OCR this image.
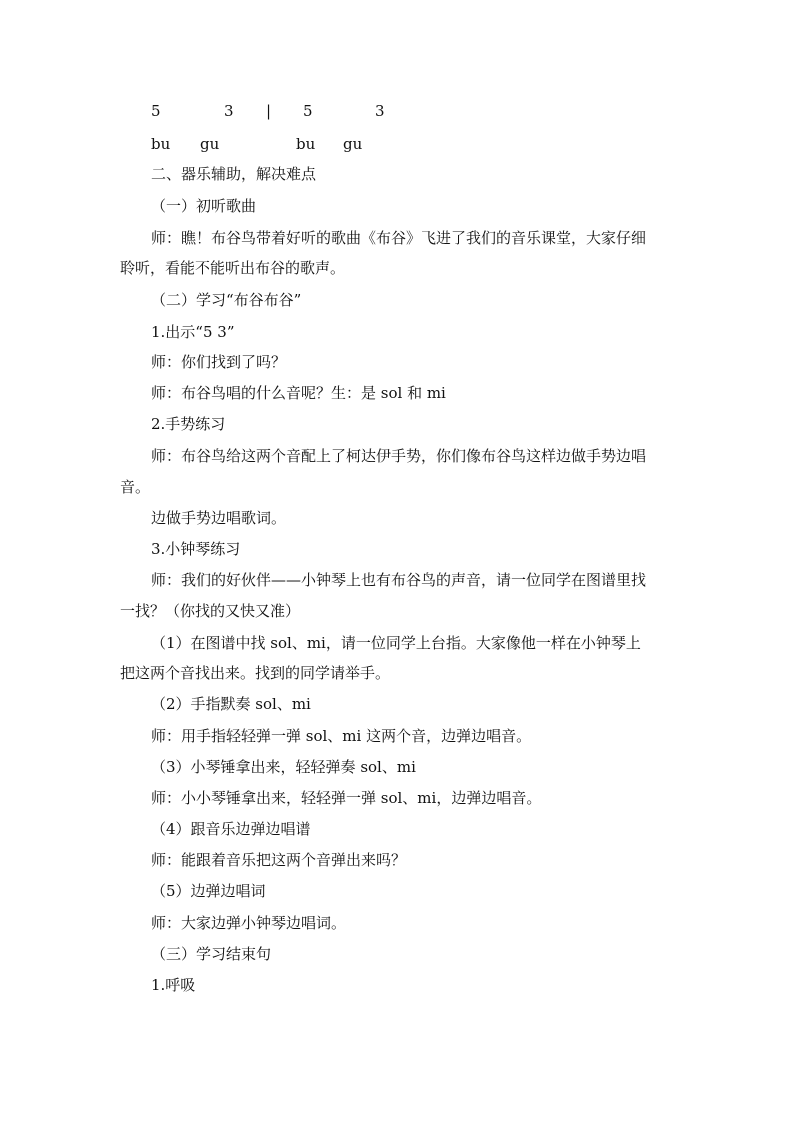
5	3 | 5	3
bu gu	bu gu
二、器乐辅助，解决难点
（一）初听歌曲
师：瞧！布谷鸟带着好听的歌曲《布谷》飞进了我们的音乐课堂，大家仔细
聆听，看能不能听出布谷的歌声。
（二）学习“布谷布谷”
1.出示“5 3”
师：你们找到了吗？
师：布谷鸟唱的什么音呢？生：是 sol 和 mi
2.手势练习
师：布谷鸟给这两个音配上了柯达伊手势，你们像布谷鸟这样边做手势边唱
音。
边做手势边唱歌词。
3.小钟琴练习
师：我们的好伙伴——小钟琴上也有布谷鸟的声音，请一位同学在图谱里找
一找？（你找的又快又准）
（1）在图谱中找 sol、mi，请一位同学上台指。大家像他一样在小钟琴上
把这两个音找出来。找到的同学请举手。
（2）手指默奏 sol、mi
师：用手指轻轻弹一弹 sol、mi 这两个音，边弹边唱音。
（3）小琴锤拿出来，轻轻弹奏 sol、mi
师：小小琴锤拿出来，轻轻弹一弹 sol、mi，边弹边唱音。
（4）跟音乐边弹边唱谱
师：能跟着音乐把这两个音弹出来吗？
（5）边弹边唱词
师：大家边弹小钟琴边唱词。
（三）学习结束句
1.呼吸
